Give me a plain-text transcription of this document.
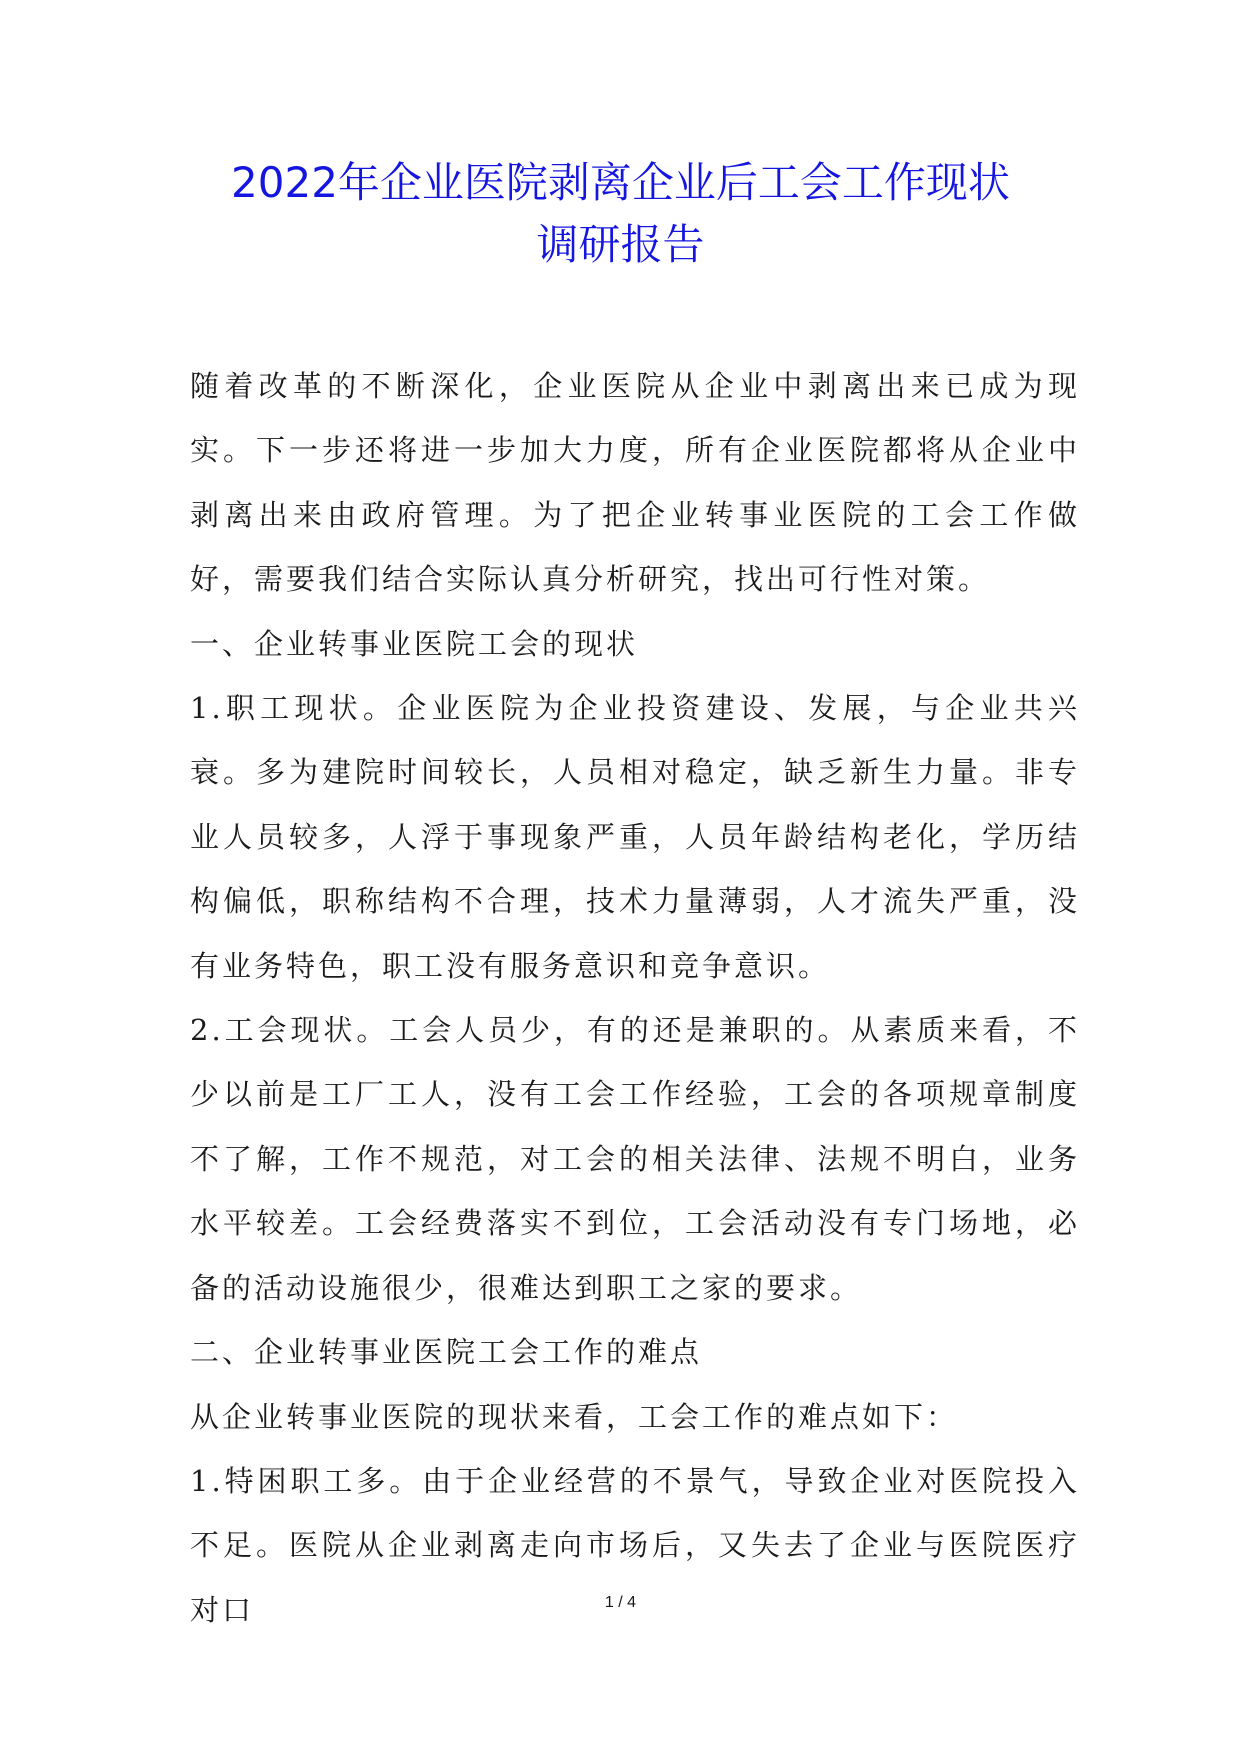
2022年企业医院剥离企业后工会工作现状
调研报告

随着改革的不断深化，企业医院从企业中剥离出来已成为现实。下一步还将进一步加大力度，所有企业医院都将从企业中剥离出来由政府管理。为了把企业转事业医院的工会工作做好，需要我们结合实际认真分析研究，找出可行性对策。

一、企业转事业医院工会的现状

1.职工现状。企业医院为企业投资建设、发展，与企业共兴衰。多为建院时间较长，人员相对稳定，缺乏新生力量。非专业人员较多，人浮于事现象严重，人员年龄结构老化，学历结构偏低，职称结构不合理，技术力量薄弱，人才流失严重，没有业务特色，职工没有服务意识和竞争意识。

2.工会现状。工会人员少，有的还是兼职的。从素质来看，不少以前是工厂工人，没有工会工作经验，工会的各项规章制度不了解，工作不规范，对工会的相关法律、法规不明白，业务水平较差。工会经费落实不到位，工会活动没有专门场地，必备的活动设施很少，很难达到职工之家的要求。

二、企业转事业医院工会工作的难点

从企业转事业医院的现状来看，工会工作的难点如下：

1.特困职工多。由于企业经营的不景气，导致企业对医院投入不足。医院从企业剥离走向市场后，又失去了企业与医院医疗对口	1 / 4
